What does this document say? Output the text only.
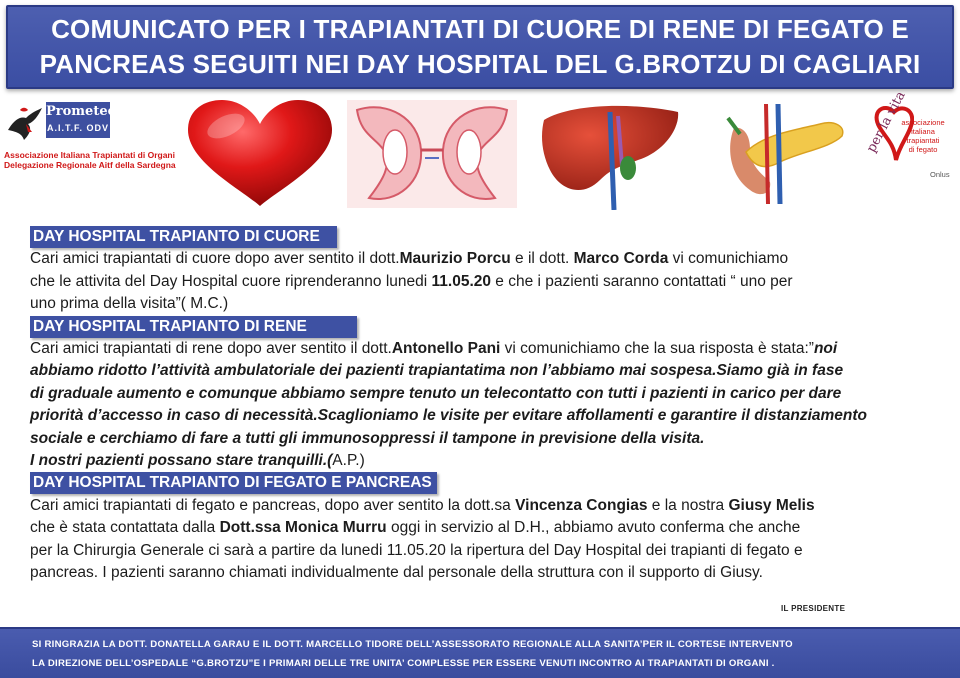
COMUNICATO PER I TRAPIANTATI DI CUORE DI RENE DI FEGATO E
PANCREAS SEGUITI NEI DAY HOSPITAL DEL G.BROTZU DI CAGLIARI
Prometeo
A.I.T.F. ODV
Associazione Italiana Trapiantati di Organi
Delegazione Regionale Aitf della Sardegna
associazione
italiana
trapiantati
di fegato
per la vita
Onlus
DAY HOSPITAL TRAPIANTO DI CUORE
Cari amici trapiantati di cuore dopo aver sentito il dott.Maurizio Porcu e il dott. Marco Corda vi comunichiamo
che le attivita del Day Hospital cuore riprenderanno lunedi 11.05.20 e che i pazienti saranno contattati “ uno per
uno prima della visita”( M.C.)
DAY HOSPITAL TRAPIANTO DI RENE
Cari amici trapiantati di rene dopo aver sentito il dott.Antonello Pani vi comunichiamo che la sua risposta è stata:”noi
abbiamo ridotto l’attività ambulatoriale dei pazienti trapiantatima non l’abbiamo mai sospesa.Siamo già in fase
di graduale aumento e comunque abbiamo sempre tenuto un telecontatto con tutti i pazienti in carico per dare
priorità d’accesso in caso di necessità.Scaglioniamo le visite per evitare affollamenti e garantire il distanziamento
sociale e cerchiamo di fare a tutti gli immunosoppressi il tampone in previsione della visita.
I nostri pazienti possano stare tranquilli.(A.P.)
DAY HOSPITAL TRAPIANTO DI FEGATO E PANCREAS
Cari amici trapiantati di fegato e pancreas, dopo aver sentito la dott.sa Vincenza Congias e la nostra Giusy Melis
che è stata contattata dalla Dott.ssa Monica Murru oggi in servizio al D.H., abbiamo avuto conferma che anche
per la Chirurgia Generale ci sarà a partire da lunedi 11.05.20 la ripertura del Day Hospital dei trapianti di fegato e
pancreas. I pazienti saranno chiamati individualmente dal personale della struttura con il supporto di Giusy.
IL PRESIDENTE
SI RINGRAZIA LA DOTT. DONATELLA GARAU E IL DOTT. MARCELLO TIDORE DELL’ASSESSORATO REGIONALE ALLA SANITA’PER IL CORTESE INTERVENTO
LA DIREZIONE DELL’OSPEDALE “G.BROTZU”E I PRIMARI DELLE TRE UNITA’ COMPLESSE PER ESSERE VENUTI INCONTRO AI TRAPIANTATI DI ORGANI .
